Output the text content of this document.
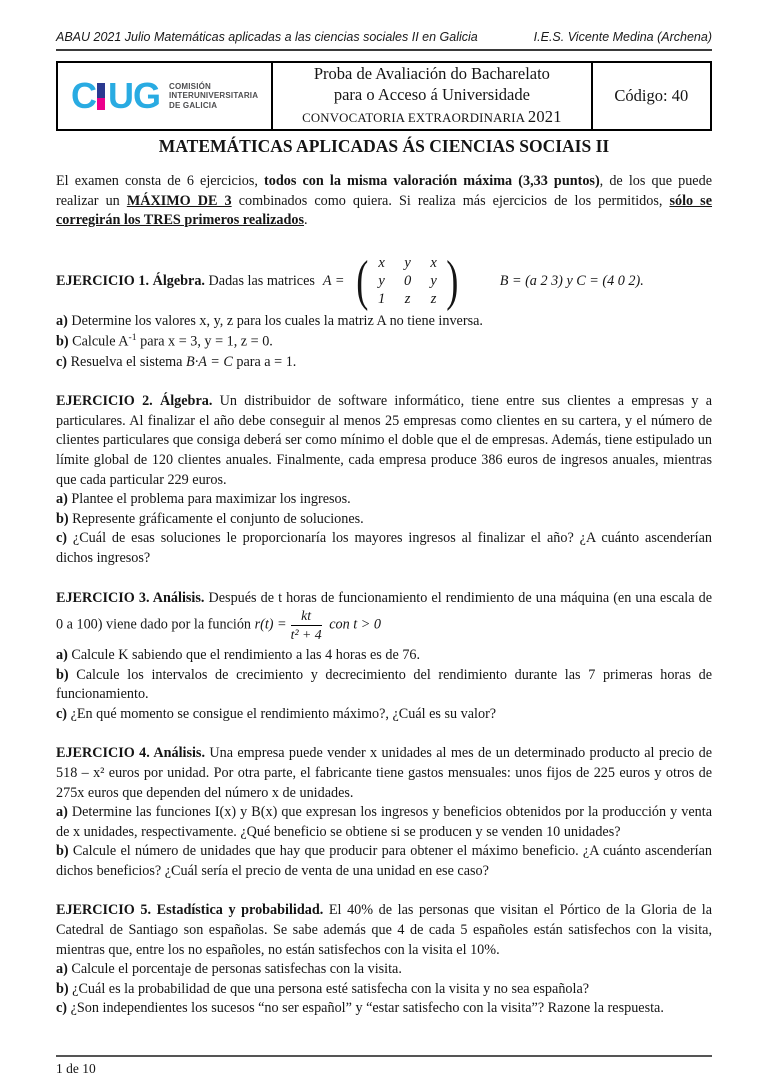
ABAU 2021 Julio Matemáticas aplicadas a las ciencias sociales II en Galicia	I.E.S. Vicente Medina (Archena)
C U G COMISIÓN
INTERUNIVERSITARIA
DE GALICIA
Proba de Avaliación do Bacharelato
para o Acceso á Universidade
CONVOCATORIA EXTRAORDINARIA 2021
Código: 40
MATEMÁTICAS APLICADAS ÁS CIENCIAS SOCIAIS II

El examen consta de 6 ejercicios, todos con la misma valoración máxima (3,33 puntos), de los que puede realizar un MÁXIMO DE 3 combinados como quiera. Si realiza más ejercicios de los permitidos, sólo se corregirán los TRES primeros realizados.

EJERCICIO 1. Álgebra. Dadas las matrices A = ( x	y	x
y	0	y
1	z	z )	B = (a 2 3) y C = (4 0 2).

a) Determine los valores x, y, z para los cuales la matriz A no tiene inversa.

b) Calcule $A^{-1}$ para x = 3, y = 1, z = 0.

c) Resuelva el sistema B·A = C para a = 1.

EJERCICIO 2. Álgebra. Un distribuidor de software informático, tiene entre sus clientes a empresas y a particulares. Al finalizar el año debe conseguir al menos 25 empresas como clientes en su cartera, y el número de clientes particulares que consiga deberá ser como mínimo el doble que el de empresas. Además, tiene estipulado un límite global de 120 clientes anuales. Finalmente, cada empresa produce 386 euros de ingresos anuales, mientras que cada particular 229 euros.

a) Plantee el problema para maximizar los ingresos.

b) Represente gráficamente el conjunto de soluciones.

c) ¿Cuál de esas soluciones le proporcionaría los mayores ingresos al finalizar el año? ¿A cuánto ascenderían dichos ingresos?

EJERCICIO 3. Análisis. Después de t horas de funcionamiento el rendimiento de una máquina (en una escala de 0 a 100) viene dado por la función $r(t) = \frac{kt}{\text{t² + 4}}$ con t > 0

a) Calcule K sabiendo que el rendimiento a las 4 horas es de 76.

b) Calcule los intervalos de crecimiento y decrecimiento del rendimiento durante las 7 primeras horas de funcionamiento.

c) ¿En qué momento se consigue el rendimiento máximo?, ¿Cuál es su valor?

EJERCICIO 4. Análisis. Una empresa puede vender x unidades al mes de un determinado producto al precio de 518 – x² euros por unidad. Por otra parte, el fabricante tiene gastos mensuales: unos fijos de 225 euros y otros de 275x euros que dependen del número x de unidades.

a) Determine las funciones I(x) y B(x) que expresan los ingresos y beneficios obtenidos por la producción y venta de x unidades, respectivamente. ¿Qué beneficio se obtiene si se producen y se venden 10 unidades?

b) Calcule el número de unidades que hay que producir para obtener el máximo beneficio. ¿A cuánto ascenderían dichos beneficios? ¿Cuál sería el precio de venta de una unidad en ese caso?

EJERCICIO 5. Estadística y probabilidad. El 40% de las personas que visitan el Pórtico de la Gloria de la Catedral de Santiago son españolas. Se sabe además que 4 de cada 5 españoles están satisfechos con la visita, mientras que, entre los no españoles, no están satisfechos con la visita el 10%.

a) Calcule el porcentaje de personas satisfechas con la visita.

b) ¿Cuál es la probabilidad de que una persona esté satisfecha con la visita y no sea española?

c) ¿Son independientes los sucesos “no ser español” y “estar satisfecho con la visita”? Razone la respuesta.

1 de 10
